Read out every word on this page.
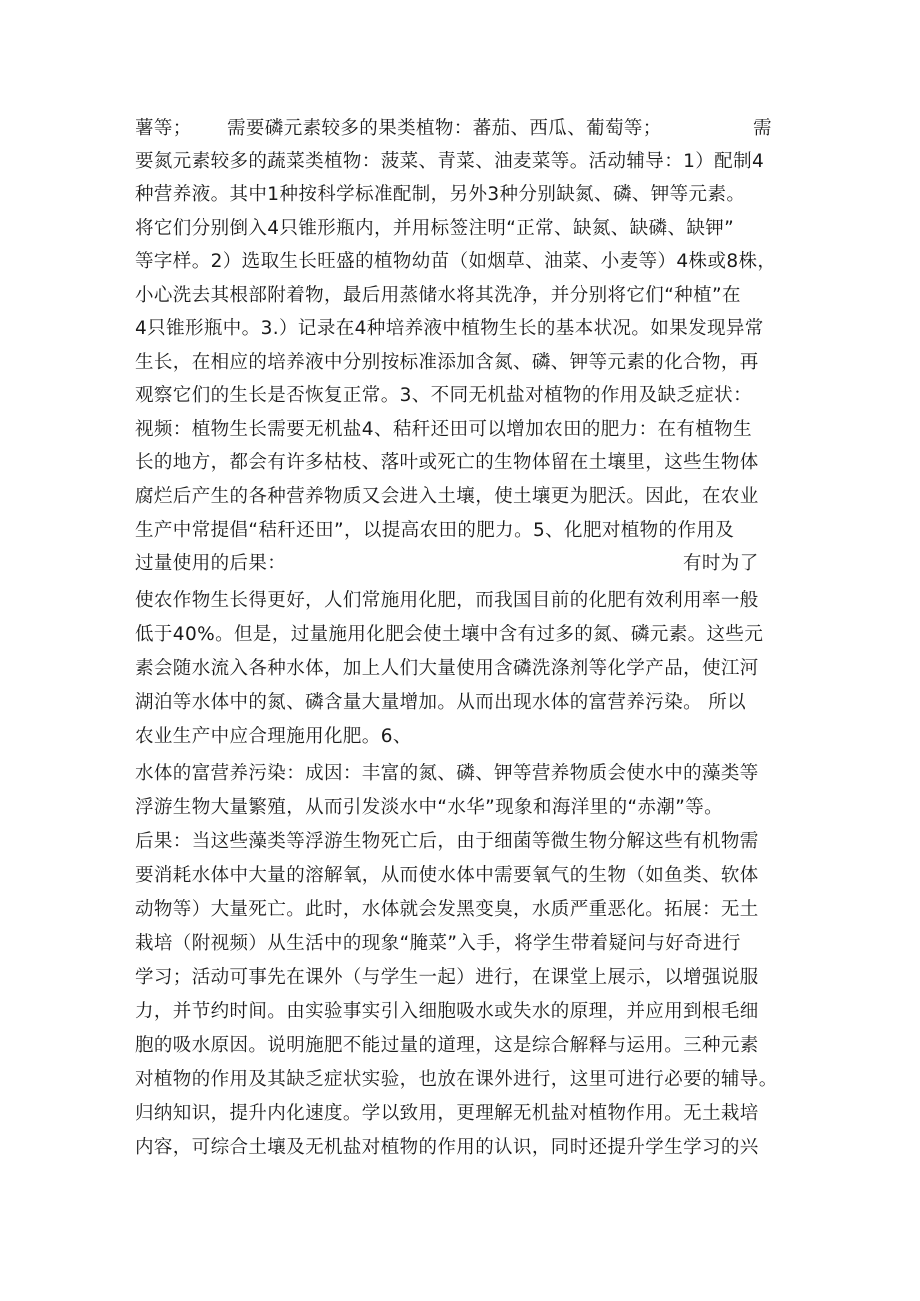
薯等； 需要磷元素较多的果类植物：蕃茄、西瓜、葡萄等；	需
要氮元素较多的蔬菜类植物：菠菜、青菜、油麦菜等。活动辅导：1）配制4
种营养液。其中1种按科学标准配制，另外3种分别缺氮、磷、钾等元素。
将它们分别倒入4只锥形瓶内，并用标签注明“正常、缺氮、缺磷、缺钾”
等字样。2）选取生长旺盛的植物幼苗（如烟草、油菜、小麦等）4株或8株，
小心洗去其根部附着物，最后用蒸储水将其洗净，并分别将它们“种植”在
4只锥形瓶中。3.）记录在4种培养液中植物生长的基本状况。如果发现异常
生长，在相应的培养液中分别按标准添加含氮、磷、钾等元素的化合物，再
观察它们的生长是否恢复正常。3、不同无机盐对植物的作用及缺乏症状：
视频：植物生长需要无机盐4、秸秆还田可以增加农田的肥力：在有植物生
长的地方，都会有许多枯枝、落叶或死亡的生物体留在土壤里，这些生物体
腐烂后产生的各种营养物质又会进入土壤，使土壤更为肥沃。因此，在农业
生产中常提倡“秸秆还田”，以提高农田的肥力。5、化肥对植物的作用及
过量使用的后果：	有时为了
使农作物生长得更好，人们常施用化肥，而我国目前的化肥有效利用率一般
低于40%。但是，过量施用化肥会使土壤中含有过多的氮、磷元素。这些元
素会随水流入各种水体，加上人们大量使用含磷洗涤剂等化学产品，使江河
湖泊等水体中的氮、磷含量大量增加。从而出现水体的富营养污染。 所以
农业生产中应合理施用化肥。6、
水体的富营养污染：成因：丰富的氮、磷、钾等营养物质会使水中的藻类等
浮游生物大量繁殖，从而引发淡水中“水华”现象和海洋里的“赤潮”等。
后果：当这些藻类等浮游生物死亡后，由于细菌等微生物分解这些有机物需
要消耗水体中大量的溶解氧，从而使水体中需要氧气的生物（如鱼类、软体
动物等）大量死亡。此时，水体就会发黑变臭，水质严重恶化。拓展：无土
栽培（附视频）从生活中的现象“腌菜”入手，将学生带着疑问与好奇进行
学习；活动可事先在课外（与学生一起）进行，在课堂上展示，以增强说服
力，并节约时间。由实验事实引入细胞吸水或失水的原理，并应用到根毛细
胞的吸水原因。说明施肥不能过量的道理，这是综合解释与运用。三种元素
对植物的作用及其缺乏症状实验，也放在课外进行，这里可进行必要的辅导。
归纳知识，提升内化速度。学以致用，更理解无机盐对植物作用。无土栽培
内容，可综合土壤及无机盐对植物的作用的认识，同时还提升学生学习的兴
